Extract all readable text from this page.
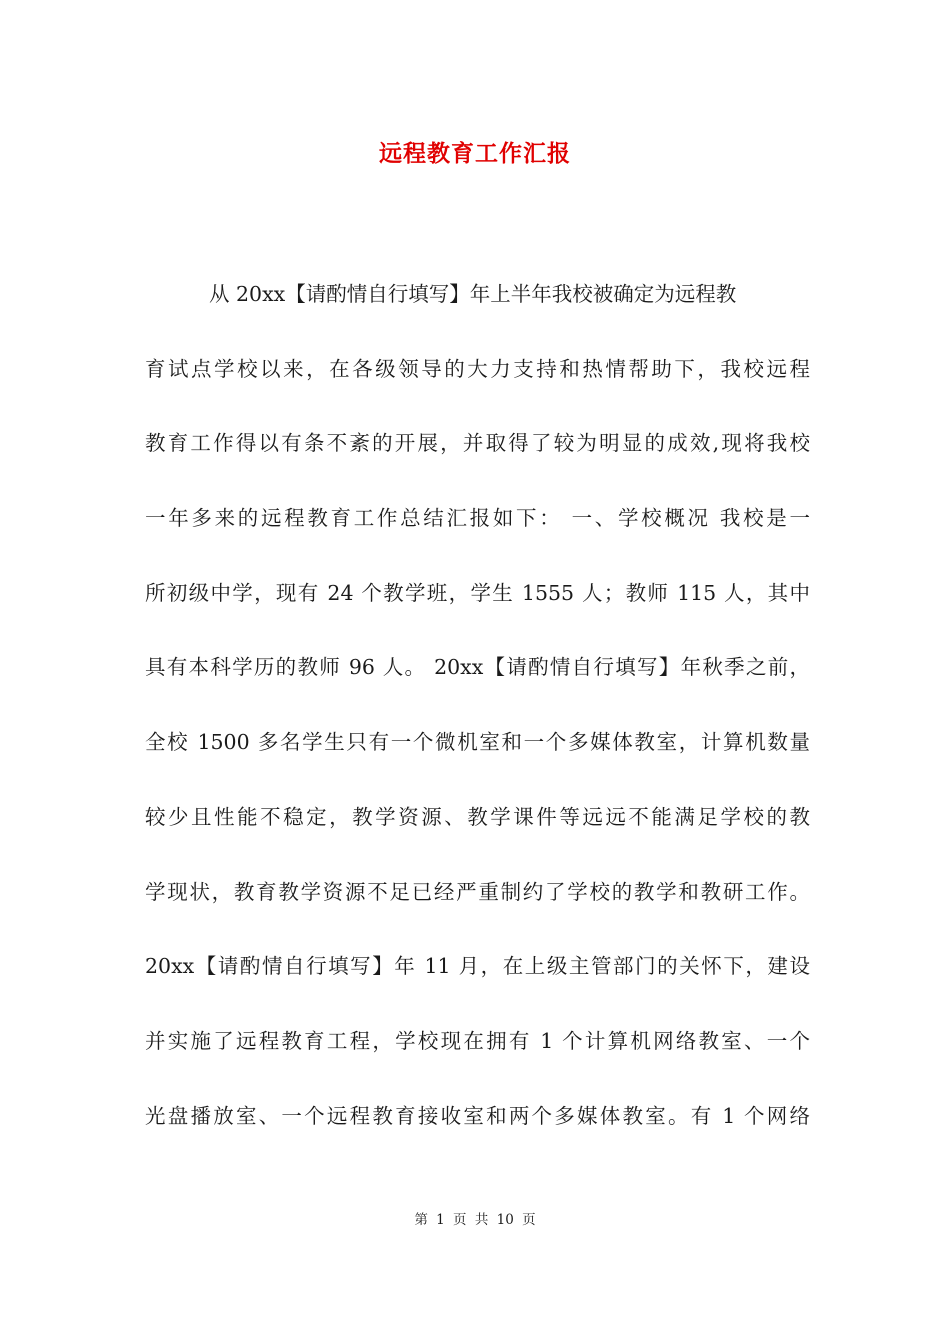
远程教育工作汇报
从 20xx【请酌情自行填写】年上半年我校被确定为远程教
育试点学校以来，在各级领导的大力支持和热情帮助下，我校远程
教育工作得以有条不紊的开展，并取得了较为明显的成效,现将我校
一年多来的远程教育工作总结汇报如下： 一、学校概况 我校是一
所初级中学，现有 24 个教学班，学生 1555 人；教师 115 人，其中
具有本科学历的教师 96 人。 20xx【请酌情自行填写】年秋季之前，
全校 1500 多名学生只有一个微机室和一个多媒体教室，计算机数量
较少且性能不稳定，教学资源、教学课件等远远不能满足学校的教
学现状，教育教学资源不足已经严重制约了学校的教学和教研工作。
20xx【请酌情自行填写】年 11 月，在上级主管部门的关怀下，建设
并实施了远程教育工程，学校现在拥有 1 个计算机网络教室、一个
光盘播放室、一个远程教育接收室和两个多媒体教室。有 1 个网络
第 1 页 共 10 页
